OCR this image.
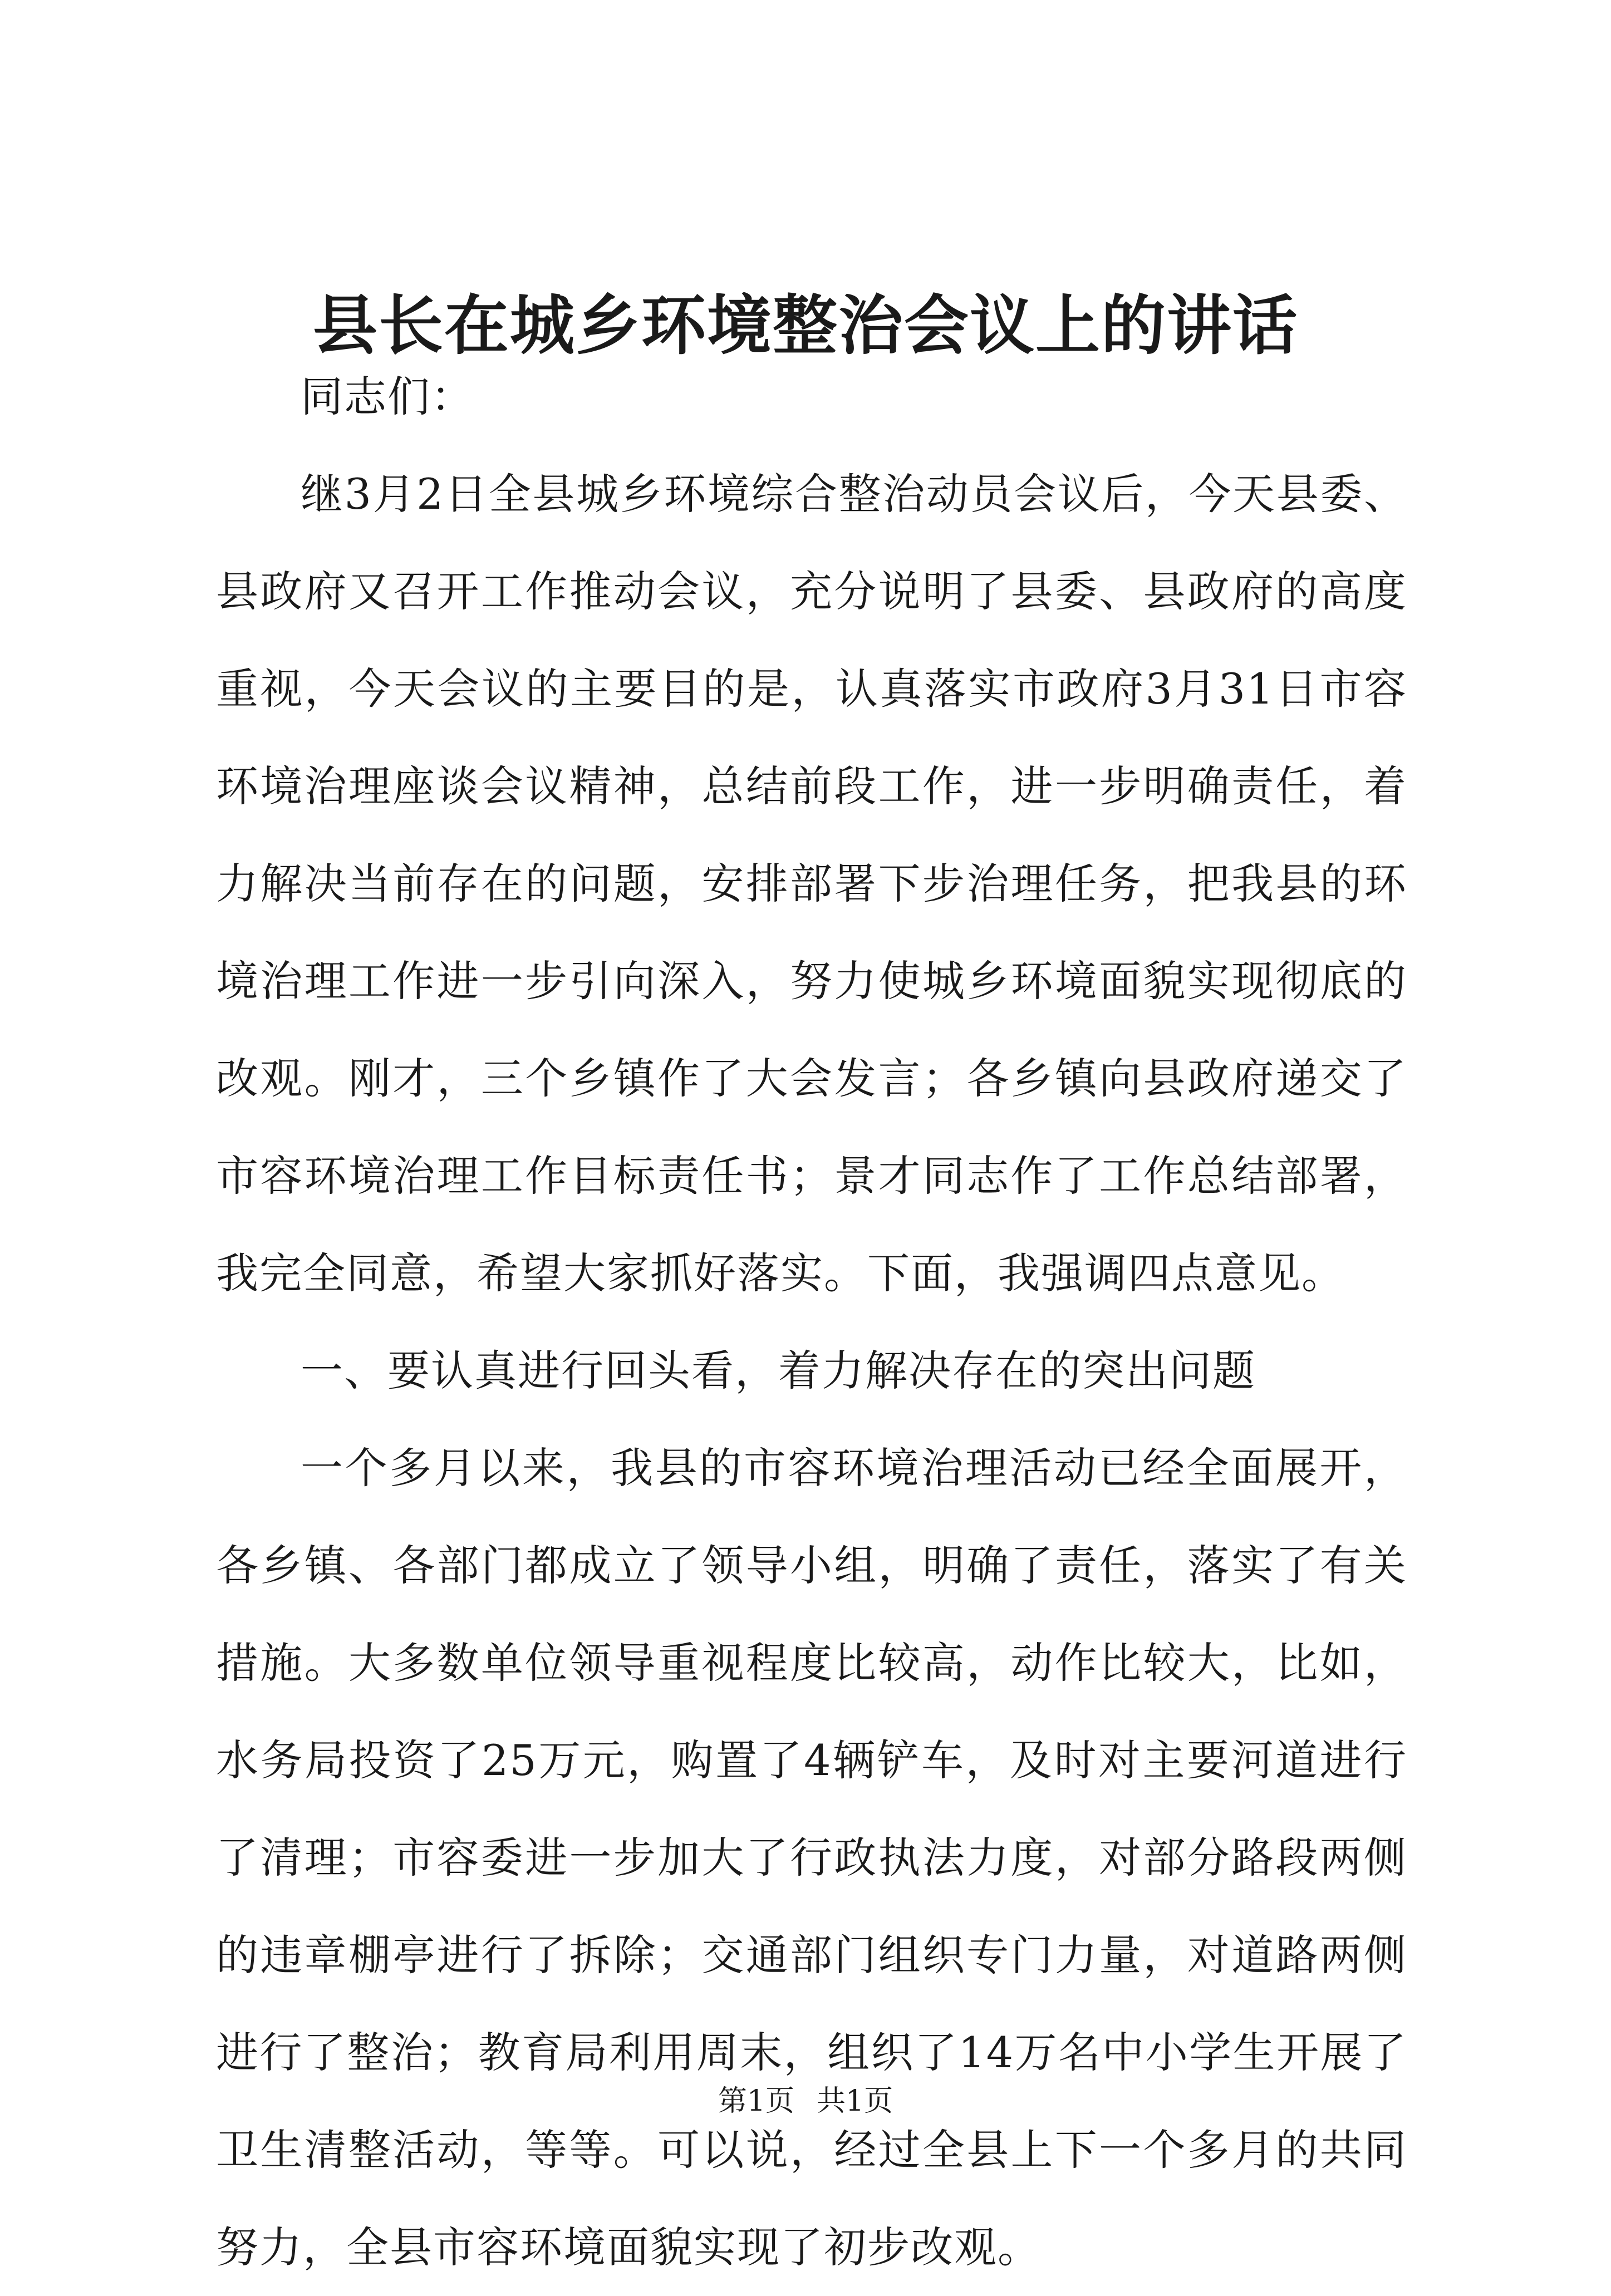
县长在城乡环境整治会议上的讲话

同志们：

继3月2日全县城乡环境综合整治动员会议后，今天县委、县政府又召开工作推动会议，充分说明了县委、县政府的高度重视，今天会议的主要目的是，认真落实市政府3月31日市容环境治理座谈会议精神，总结前段工作，进一步明确责任，着力解决当前存在的问题，安排部署下步治理任务，把我县的环境治理工作进一步引向深入，努力使城乡环境面貌实现彻底的改观。刚才，三个乡镇作了大会发言；各乡镇向县政府递交了市容环境治理工作目标责任书；景才同志作了工作总结部署，我完全同意，希望大家抓好落实。下面，我强调四点意见。

一、要认真进行回头看，着力解决存在的突出问题

一个多月以来，我县的市容环境治理活动已经全面展开，各乡镇、各部门都成立了领导小组，明确了责任，落实了有关措施。大多数单位领导重视程度比较高，动作比较大，比如，水务局投资了25万元，购置了4辆铲车，及时对主要河道进行了清理；市容委进一步加大了行政执法力度，对部分路段两侧的违章棚亭进行了拆除；交通部门组织专门力量，对道路两侧进行了整治；教育局利用周末，组织了14万名中小学生开展了卫生清整活动，等等。可以说，经过全县上下一个多月的共同努力，全县市容环境面貌实现了初步改观。

第1页 共1页
